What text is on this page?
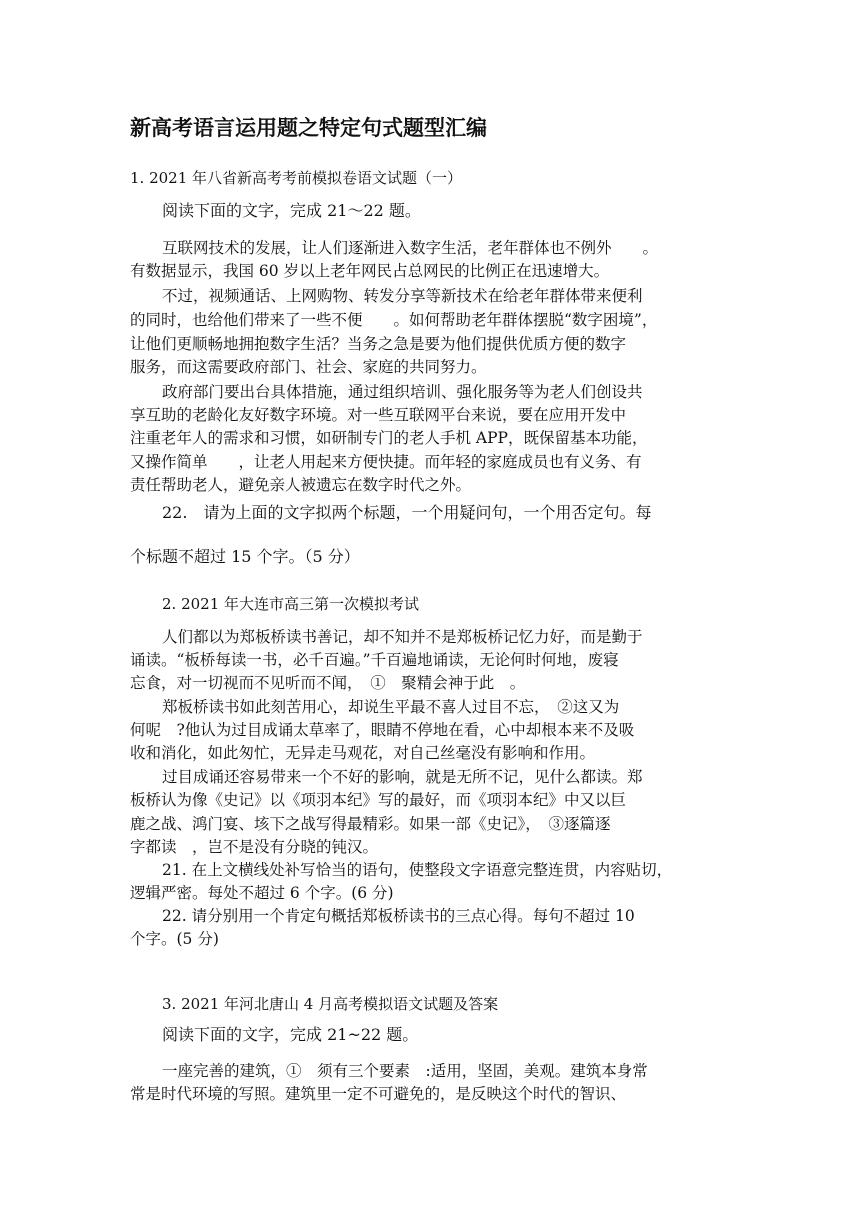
新高考语言运用题之特定句式题型汇编
1. 2021 年八省新高考考前模拟卷语文试题（一）
阅读下面的文字，完成 21～22 题。
互联网技术的发展，让人们逐渐进入数字生活，老年群体也不例外　　。
有数据显示，我国 60 岁以上老年网民占总网民的比例正在迅速增大。
不过，视频通话、上网购物、转发分享等新技术在给老年群体带来便利
的同时，也给他们带来了一些不便　　。如何帮助老年群体摆脱“数字困境”，
让他们更顺畅地拥抱数字生活？当务之急是要为他们提供优质方便的数字
服务，而这需要政府部门、社会、家庭的共同努力。
政府部门要出台具体措施，通过组织培训、强化服务等为老人们创设共
享互助的老龄化友好数字环境。对一些互联网平台来说，要在应用开发中
注重老年人的需求和习惯，如研制专门的老人手机 APP，既保留基本功能，
又操作简单　　，让老人用起来方便快捷。而年轻的家庭成员也有义务、有
责任帮助老人，避免亲人被遗忘在数字时代之外。
22.　请为上面的文字拟两个标题，一个用疑问句，一个用否定句。每
个标题不超过 15 个字。（5 分）
2. 2021 年大连市高三第一次模拟考试
人们都以为郑板桥读书善记，却不知并不是郑板桥记忆力好，而是勤于
诵读。“板桥每读一书，必千百遍。”千百遍地诵读，无论何时何地，废寝
忘食，对一切视而不见听而不闻，　①　聚精会神于此　。
郑板桥读书如此刻苦用心，却说生平最不喜人过目不忘，　②这又为
何呢　?他认为过目成诵太草率了，眼睛不停地在看，心中却根本来不及吸
收和消化，如此匆忙，无异走马观花，对自己丝毫没有影响和作用。
过目成诵还容易带来一个不好的影响，就是无所不记，见什么都读。郑
板桥认为像《史记》以《项羽本纪》写的最好，而《项羽本纪》中又以巨
鹿之战、鸿门宴、垓下之战写得最精彩。如果一部《史记》，　③逐篇逐
字都读　，岂不是没有分晓的钝汉。
21. 在上文横线处补写恰当的语句，使整段文字语意完整连贯，内容贴切，
逻辑严密。每处不超过 6 个字。(6 分)
22. 请分别用一个肯定句概括郑板桥读书的三点心得。每句不超过 10
个字。(5 分)
3. 2021 年河北唐山 4 月高考模拟语文试题及答案
阅读下面的文字，完成 21~22 题。
一座完善的建筑，①　须有三个要素　:适用，坚固，美观。建筑本身常
常是时代环境的写照。建筑里一定不可避免的，是反映这个时代的智识、
